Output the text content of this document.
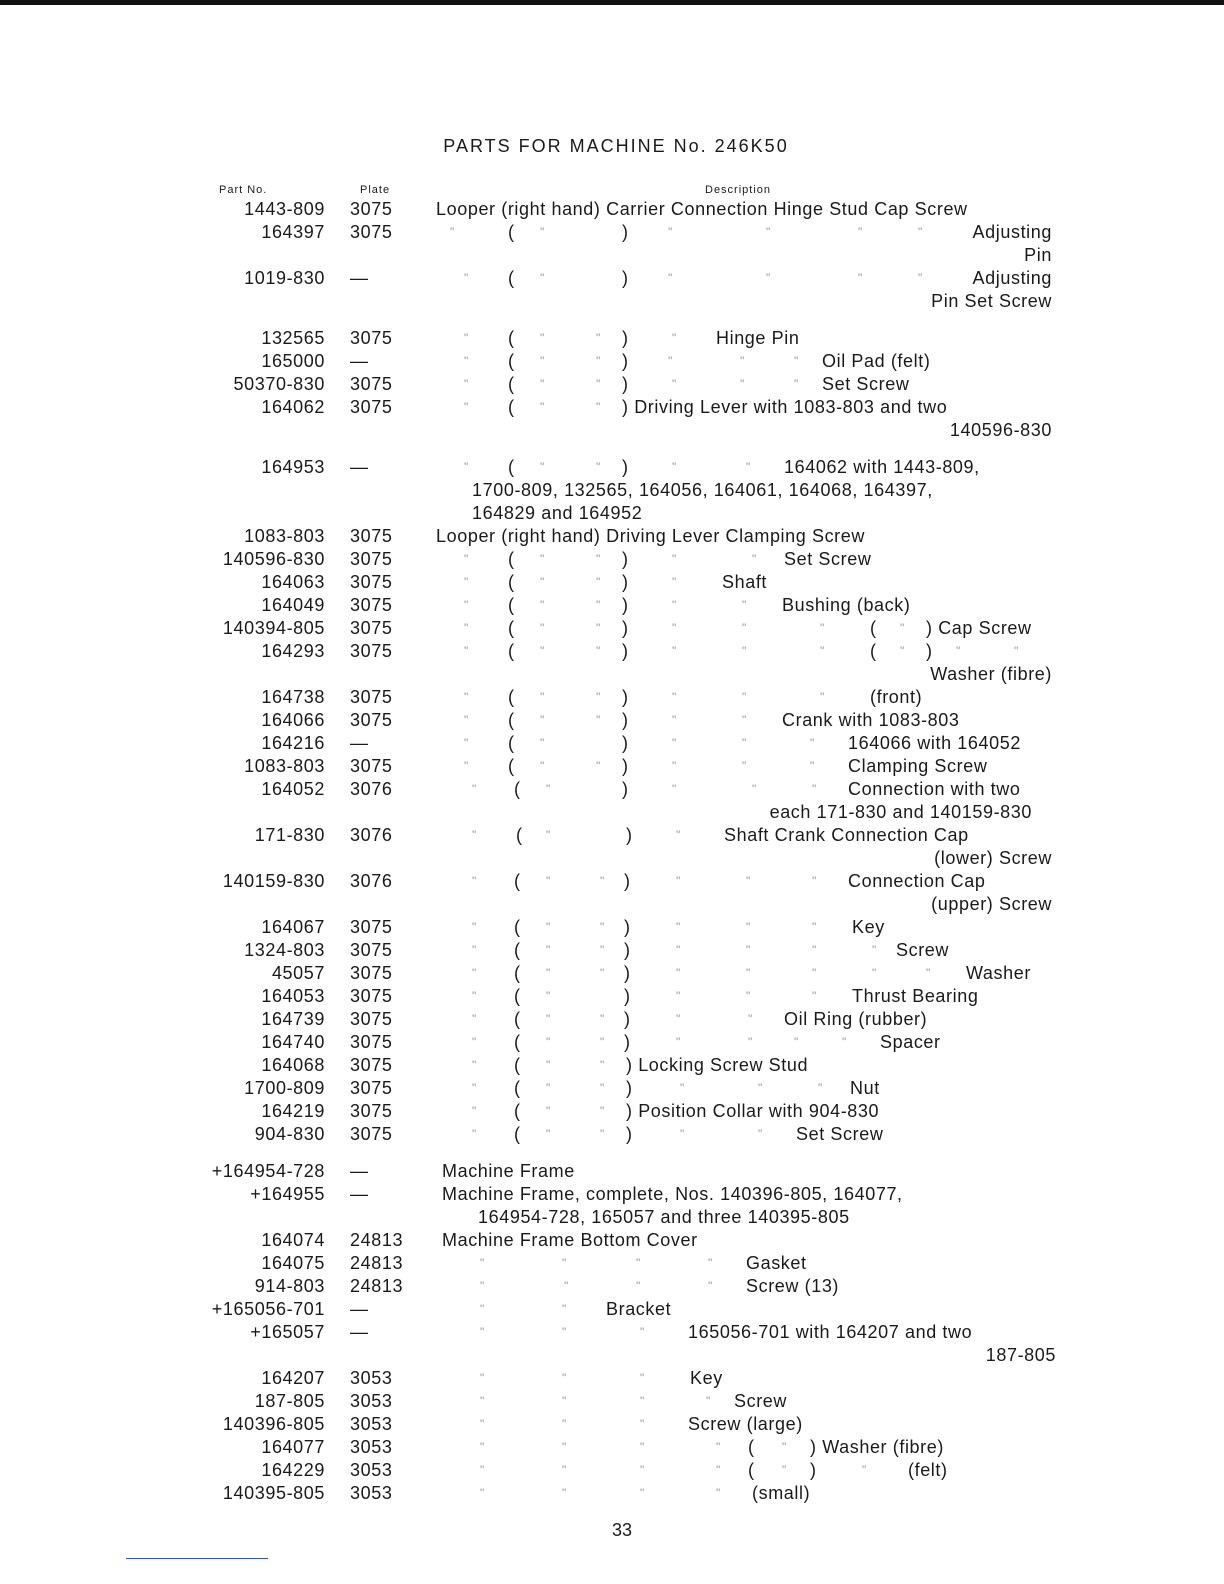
PARTS FOR MACHINE No. 246K50
Part No.	Plate	Description
1443-809 3075 Looper (right hand) Carrier Connection Hinge Stud Cap Screw
164397 3075	"	( "	)	"	"	"	"	Adjusting
Pin
1019-830 —	" ( "	)	"	"	"	"	Adjusting
Pin Set Screw
132565 3075	" ( "	" )	" Hinge Pin
165000 —	" ( "	" )	"	"	" Oil Pad (felt)
50370-830 3075	" ( "	" )	"	"	" Set Screw
164062 3075	" ( "	" ) Driving Lever with 1083-803 and two
140596-830
164953 —	" ( "	" )	"	" 164062 with 1443-809,
1700-809, 132565, 164056, 164061, 164068, 164397,
164829 and 164952
1083-803 3075 Looper (right hand) Driving Lever Clamping Screw
140596-830 3075	" ( "	" )	"	" Set Screw
164063 3075	" ( "	" )	"	Shaft
164049 3075	" ( "	" )	"	" Bushing (back)
140394-805 3075	" ( "	" )	"	"	"	( " ) Cap Screw
164293 3075	" ( "	" )	"	"	"	( " ) "	"
Washer (fibre)
164738 3075	" ( "	" )	"	"	"	(front)
164066 3075	" ( "	" )	"	" Crank with 1083-803
164216 —	" ( "	)	"	"	" 164066 with 164052
1083-803 3075	" ( "	" )	"	"	" Clamping Screw
164052 3076	" ( "	)	"	"	" Connection with two
each 171-830 and 140159-830
171-830 3076	" ( "	)	" Shaft Crank Connection Cap
(lower) Screw
140159-830 3076	" ( "	" )	"	"	" Connection Cap
(upper) Screw
164067 3075	" ( "	" )	"	"	" Key
1324-803 3075	" ( "	" )	"	"	"	" Screw
45057 3075	" ( "	" )	"	"	"	"	" Washer
164053 3075	" ( "	)	"	"	" Thrust Bearing
164739 3075	" ( "	" )	"	" Oil Ring (rubber)
164740 3075	" ( "	" )	"	"	"	" Spacer
164068 3075	" ( "	" ) Locking Screw Stud
1700-809 3075	" ( "	" )	"	"	" Nut
164219 3075	" ( "	" ) Position Collar with 904-830
904-830 3075	" ( "	" )	"	" Set Screw
+164954-728 —	Machine Frame
+164955 —	Machine Frame, complete, Nos. 140396-805, 164077,
164954-728, 165057 and three 140395-805
164074 24813 Machine Frame Bottom Cover
164075 24813	"	"	"	" Gasket
914-803 24813	"	"	"	" Screw (13)
+165056-701 —	"	" Bracket
+165057 —	"	"	" 165056-701 with 164207 and two
187-805
164207 3053	"	"	"	Key
187-805 3053	"	"	"	" Screw
140396-805 3053	"	"	" Screw (large)
164077 3053	"	"	"	" ( " ) Washer (fibre)
164229 3053	"	"	"	" ( " )	" (felt)
140395-805 3053	"	"	"	" (small)
33
